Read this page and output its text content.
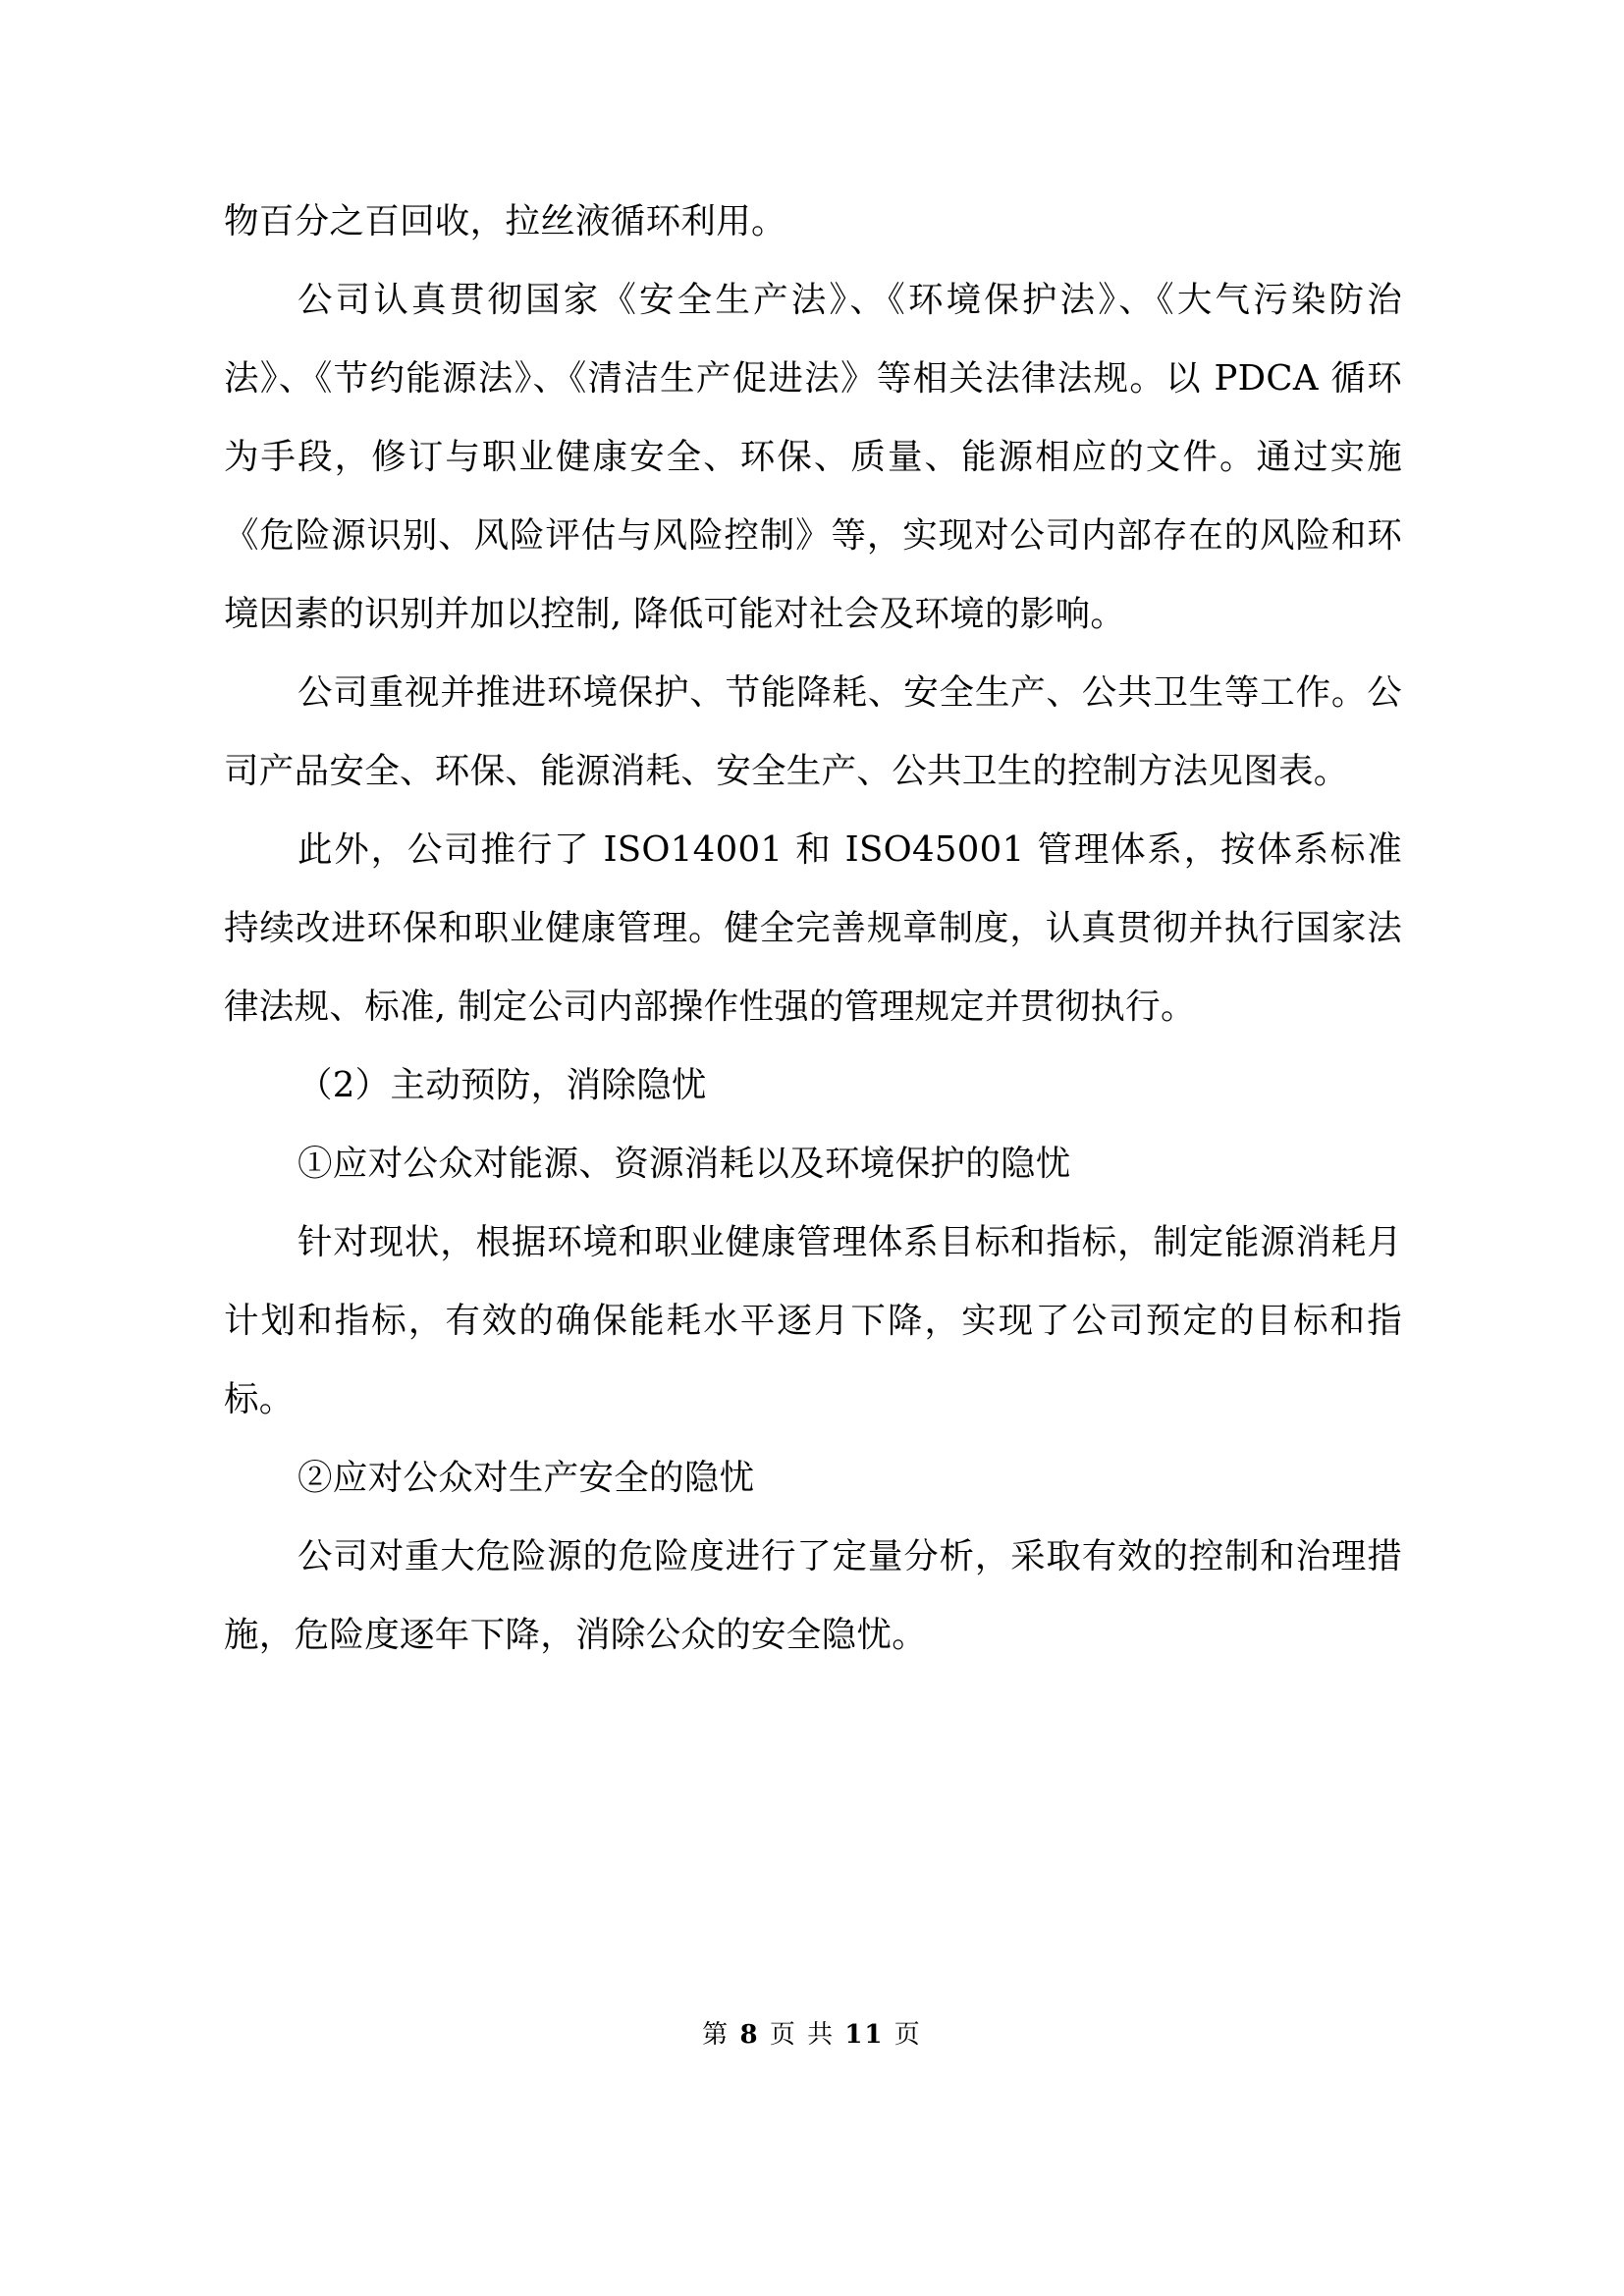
物百分之百回收，拉丝液循环利用。

公司认真贯彻国家《安全生产法》、《环境保护法》、《大气污染防治法》、《节约能源法》、《清洁生产促进法》等相关法律法规。以 PDCA 循环为手段，修订与职业健康安全、环保、质量、能源相应的文件。通过实施《危险源识别、风险评估与风险控制》等，实现对公司内部存在的风险和环境因素的识别并加以控制, 降低可能对社会及环境的影响。

公司重视并推进环境保护、节能降耗、安全生产、公共卫生等工作。公司产品安全、环保、能源消耗、安全生产、公共卫生的控制方法见图表。

此外，公司推行了 ISO14001 和 ISO45001 管理体系，按体系标准持续改进环保和职业健康管理。健全完善规章制度，认真贯彻并执行国家法律法规、标准, 制定公司内部操作性强的管理规定并贯彻执行。

（2）主动预防，消除隐忧

①应对公众对能源、资源消耗以及环境保护的隐忧

针对现状，根据环境和职业健康管理体系目标和指标，制定能源消耗月计划和指标，有效的确保能耗水平逐月下降，实现了公司预定的目标和指标。

②应对公众对生产安全的隐忧

公司对重大危险源的危险度进行了定量分析，采取有效的控制和治理措施，危险度逐年下降，消除公众的安全隐忧。

第 8 页 共 11 页
